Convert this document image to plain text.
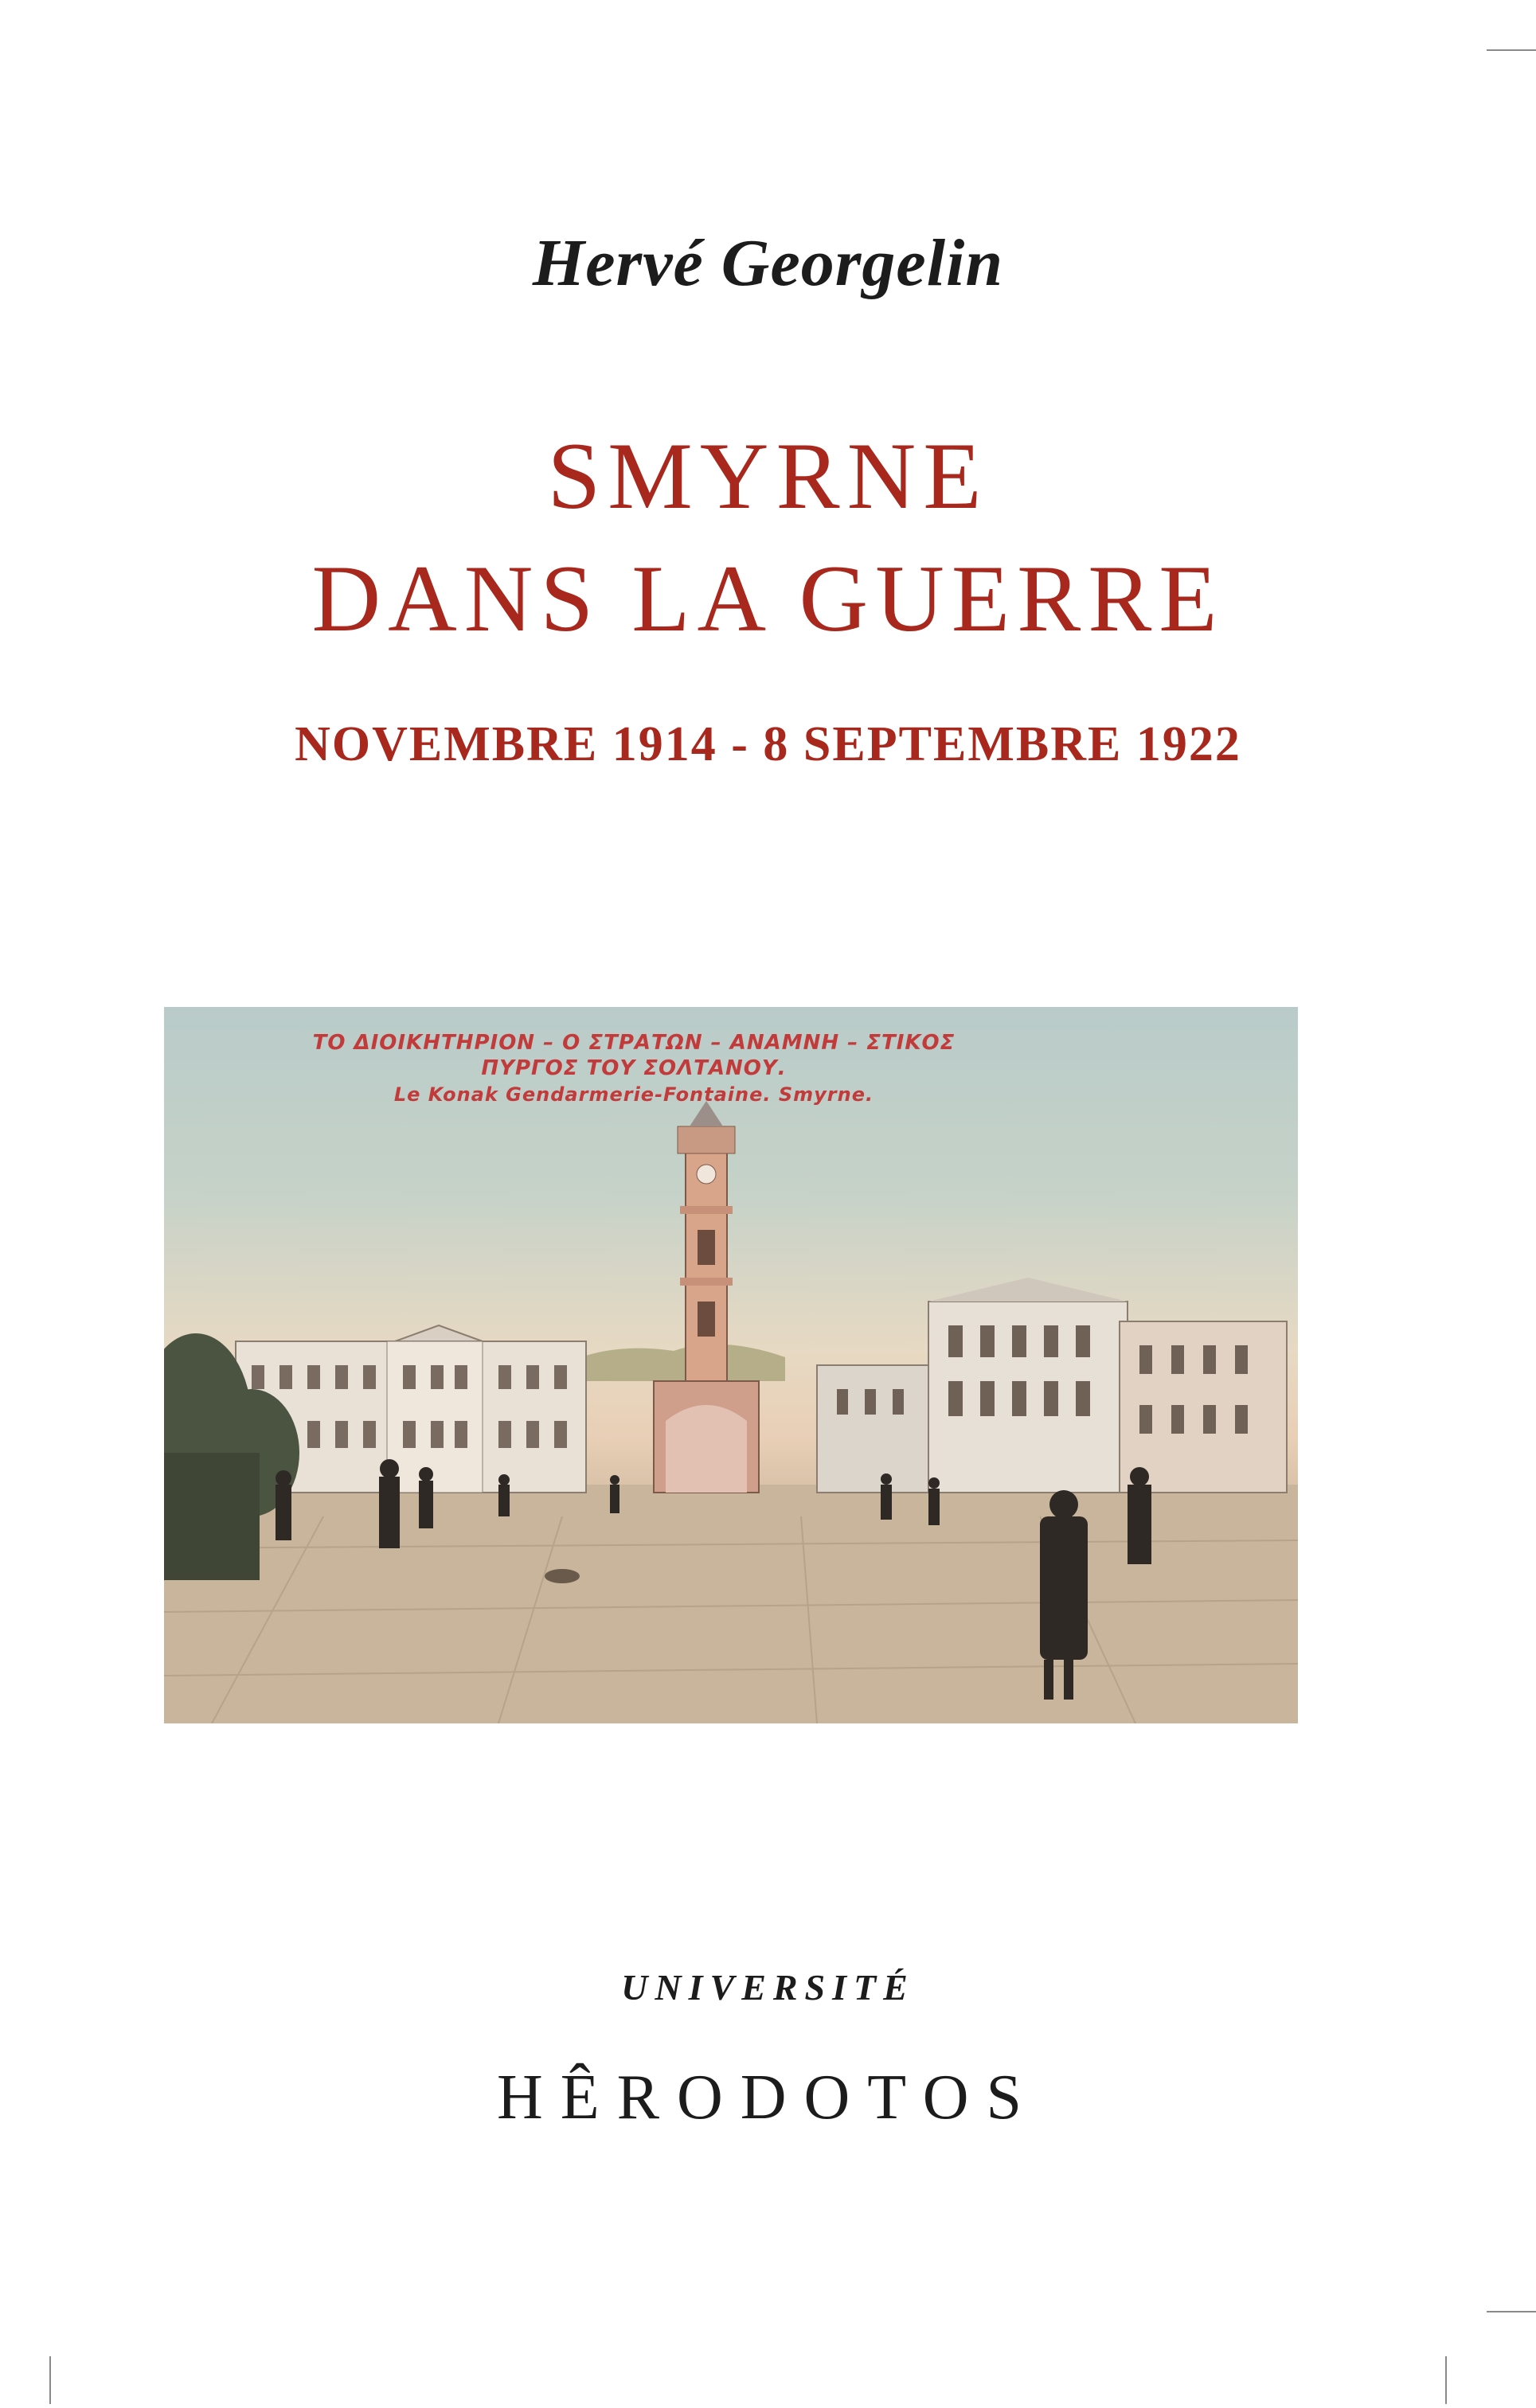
Hervé Georgelin
SMYRNE
DANS LA GUERRE
NOVEMBRE 1914 - 8 SEPTEMBRE 1922
ΤΟ ΔΙΟΙΚΗΤΗΡΙΟΝ – Ο ΣΤΡΑΤΩΝ – ΑΝΑΜΝΗ – ΣΤΙΚΟΣ
ΠΥΡΓΟΣ ΤΟΥ ΣΟΛΤΑΝΟΥ.
Le Konak Gendarmerie-Fontaine. Smyrne.
UNIVERSITÉ
HÊRODOTOS
